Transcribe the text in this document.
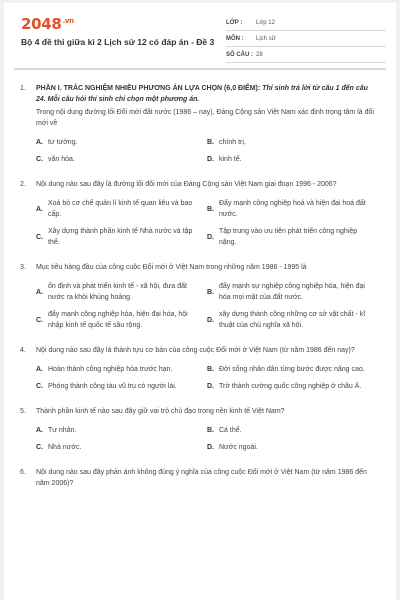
$2048^{.vn}$
Bộ 4 đề thi giữa kì 2 Lịch sử 12 có đáp án - Đề 3
LỚP :	Lớp 12
MÔN :	Lịch sử
SỐ CÂU : 28
1. PHẦN I. TRẮC NGHIỆM NHIỀU PHƯƠNG ÁN LỰA CHỌN (6,0 ĐIỂM): Thí sinh trả lời từ câu 1 đến câu 24. Mỗi câu hỏi thí sinh chỉ chọn một phương án.

Trong nội dung đường lối Đổi mới đất nước (1986 – nay), Đảng Cộng sản Việt Nam xác định trọng tâm là đổi mới về

A. tư tưởng.	B. chính trị.
C. văn hóa.	D. kinh tế.
2. Nội dung nào sau đây là đường lối đổi mới của Đảng Cộng sản Việt Nam giai đoạn 1996 - 2006?

A.
Xoá bỏ cơ chế quản lí kinh tế quan liêu và bao cấp.
B.
Đẩy mạnh công nghiệp hoá và hiện đại hoá đất nước.
C.
Xây dựng thành phần kinh tế Nhà nước và tập thể.
D.
Tập trung vào ưu tiên phát triển công nghiệp nặng.
3. Mục tiêu hàng đầu của công cuộc Đổi mới ở Việt Nam trong những năm 1986 - 1995 là

A.
ổn định và phát triển kinh tế - xã hội, đưa đất nước ra khỏi khủng hoảng.
B.
đẩy mạnh sự nghiệp công nghiệp hóa, hiện đại hóa mọi mặt của đất nước.
C.
đẩy mạnh công nghiệp hóa, hiện đại hóa, hội nhập kinh tế quốc tế sâu rộng.
D.
xây dựng thành công những cơ sở vật chất - kĩ thuật của chủ nghĩa xã hội.
4. Nội dung nào sau đây là thành tựu cơ bản của công cuộc Đổi mới ở Việt Nam (từ năm 1986 đến nay)?

A. Hoàn thành công nghiệp hóa trước hạn.	B. Đời sống nhân dân từng bước được nâng cao.
C. Phóng thành công tàu vũ trụ có người lái.	D. Trở thành cường quốc công nghiệp ở châu Á.
5. Thành phần kinh tế nào sau đây giữ vai trò chủ đạo trong nền kinh tế Việt Nam?

A. Tư nhân.	B. Cá thể.
C. Nhà nước.	D. Nước ngoài.
6. Nội dung nào sau đây phản ánh không đúng ý nghĩa của công cuộc Đổi mới ở Việt Nam (từ năm 1986 đến năm 2006)?
